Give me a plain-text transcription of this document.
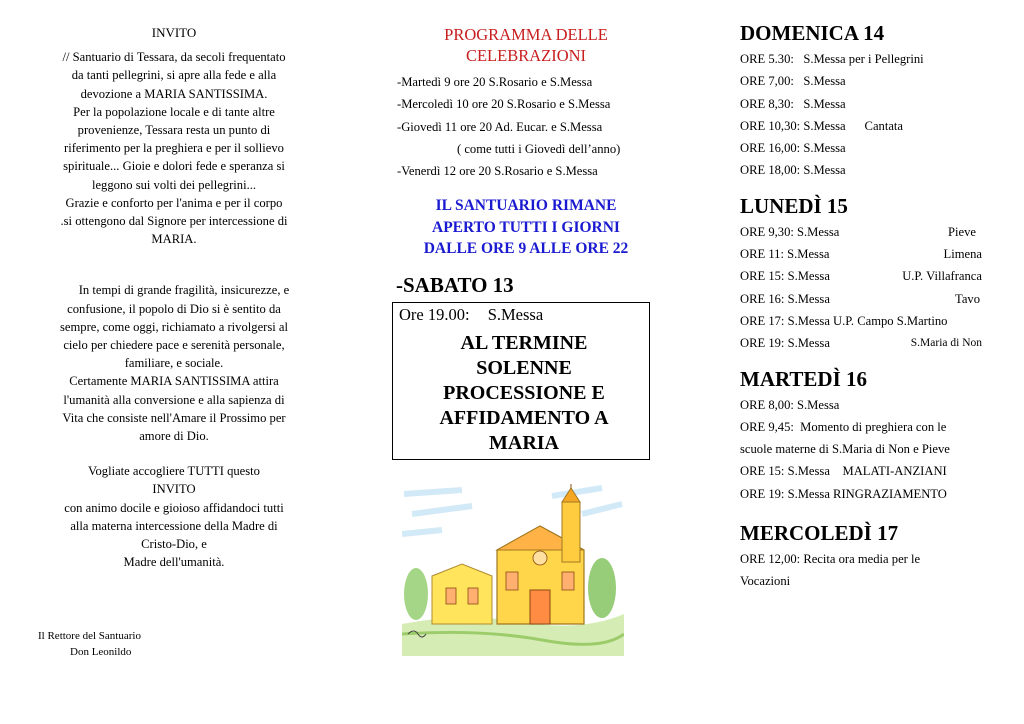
INVITO

// Santuario di Tessara, da secoli frequentato

da tanti pellegrini, si apre alla fede e alla

devozione a MARIA SANTISSIMA.

Per la popolazione locale e di tante altre

provenienze, Tessara resta un punto di

riferimento per la preghiera e per il sollievo

spirituale... Gioie e dolori fede e speranza si

leggono sui volti dei pellegrini...

Grazie e conforto per l'anima e per il corpo

.si ottengono dal Signore per intercessione di

MARIA.

In tempi di grande fragilità, insicurezze, e

confusione, il popolo di Dio si è sentito da

sempre, come oggi, richiamato a rivolgersi al

cielo per chiedere pace e serenità personale,

familiare, e sociale.

Certamente MARIA SANTISSIMA attira

l'umanità alla conversione e alla sapienza di

Vita che consiste nell'Amare il Prossimo per

amore di Dio.

Vogliate accogliere TUTTI questo

INVITO

con animo docile e gioioso affidandoci tutti

alla materna intercessione della Madre di

Cristo-Dio, e

Madre dell'umanità.

Il Rettore del Santuario
Don Leonildo
PROGRAMMA DELLE
CELEBRAZIONI
-Martedì 9 ore 20 S.Rosario e S.Messa
-Mercoledì 10 ore 20 S.Rosario e S.Messa
-Giovedì 11 ore 20 Ad. Eucar. e S.Messa
( come tutti i Giovedì dell’anno)
-Venerdì 12 ore 20 S.Rosario e S.Messa
IL SANTUARIO RIMANE
APERTO TUTTI I GIORNI
DALLE ORE 9 ALLE ORE 22
-SABATO 13
Ore 19.00: S.Messa
AL TERMINE
SOLENNE
PROCESSIONE E
AFFIDAMENTO A
MARIA
DOMENICA 14
ORE 5.30:   S.Messa per i Pellegrini
ORE 7,00:   S.Messa
ORE 8,30:   S.Messa
ORE 10,30: S.Messa      Cantata
ORE 16,00: S.Messa
ORE 18,00: S.Messa
LUNEDÌ 15
ORE 9,30: S.Messa	Pieve
ORE 11: S.Messa	Limena
ORE 15: S.Messa	U.P. Villafranca
ORE 16: S.Messa	Tavo
ORE 17: S.Messa U.P. Campo S.Martino
ORE 19: S.Messa	S.Maria di Non
MARTEDÌ 16
ORE 8,00: S.Messa
ORE 9,45:  Momento di preghiera con le
scuole materne di S.Maria di Non e Pieve
ORE 15: S.Messa    MALATI-ANZIANI
ORE 19: S.Messa RINGRAZIAMENTO
MERCOLEDÌ 17
ORE 12,00: Recita ora media per le
Vocazioni
